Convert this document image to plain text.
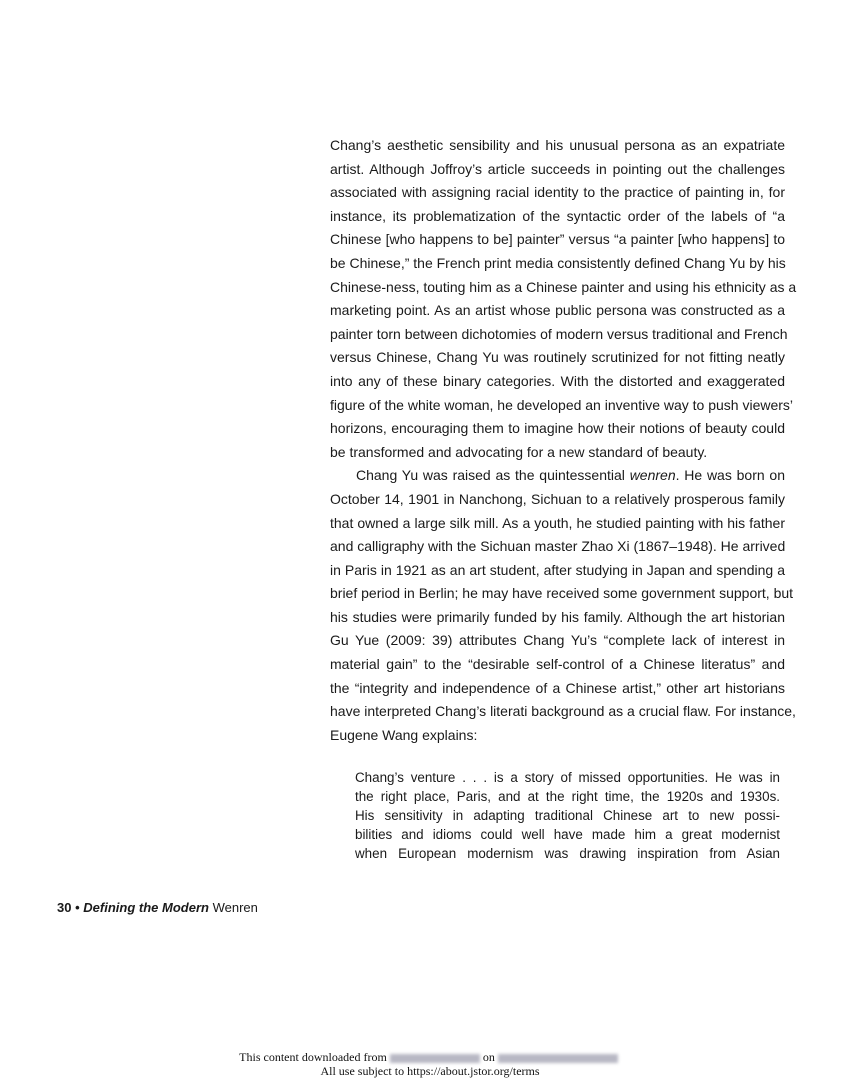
Chang’s aesthetic sensibility and his unusual persona as an expatriate
artist. Although Joffroy’s article succeeds in pointing out the challenges
associated with assigning racial identity to the practice of painting in, for
instance, its problematization of the syntactic order of the labels of “a
Chinese [who happens to be] painter” versus “a painter [who happens] to
be Chinese,” the French print media consistently defined Chang Yu by his
Chinese-ness, touting him as a Chinese painter and using his ethnicity as a
marketing point. As an artist whose public persona was constructed as a
painter torn between dichotomies of modern versus traditional and French
versus Chinese, Chang Yu was routinely scrutinized for not fitting neatly
into any of these binary categories. With the distorted and exaggerated
figure of the white woman, he developed an inventive way to push viewers’
horizons, encouraging them to imagine how their notions of beauty could
be transformed and advocating for a new standard of beauty.
Chang Yu was raised as the quintessential wenren. He was born on
October 14, 1901 in Nanchong, Sichuan to a relatively prosperous family
that owned a large silk mill. As a youth, he studied painting with his father
and calligraphy with the Sichuan master Zhao Xi (1867–1948). He arrived
in Paris in 1921 as an art student, after studying in Japan and spending a
brief period in Berlin; he may have received some government support, but
his studies were primarily funded by his family. Although the art historian
Gu Yue (2009: 39) attributes Chang Yu’s “complete lack of interest in
material gain” to the “desirable self-control of a Chinese literatus” and
the “integrity and independence of a Chinese artist,” other art historians
have interpreted Chang’s literati background as a crucial flaw. For instance,
Eugene Wang explains:
Chang’s venture . . . is a story of missed opportunities. He was in
the right place, Paris, and at the right time, the 1920s and 1930s.
His sensitivity in adapting traditional Chinese art to new possi-
bilities and idioms could well have made him a great modernist
when European modernism was drawing inspiration from Asian
30 • Defining the Modern Wenren
This content downloaded from	on
All use subject to https://about.jstor.org/terms
